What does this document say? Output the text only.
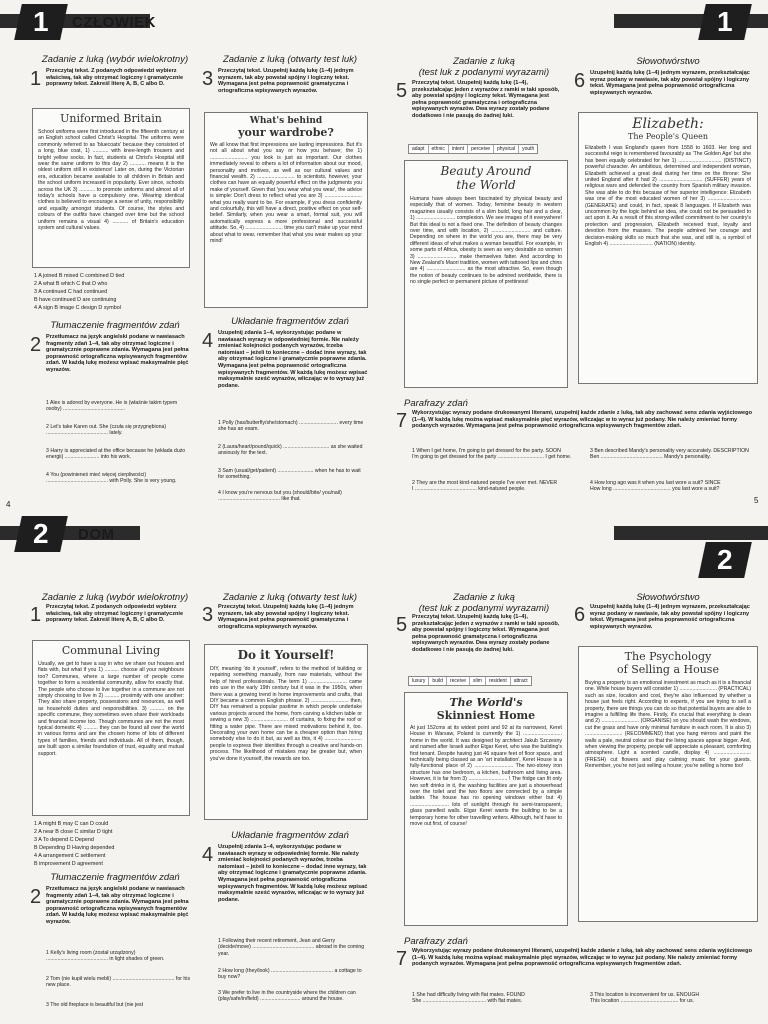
1 CZŁOWIEK
Zadanie z luką (wybór wielokrotny)
1 Przeczytaj tekst. Z podanych odpowiedzi wybierz właściwą, tak aby otrzymać logiczny i gramatycznie poprawny tekst. Zakreśl literę A, B, C albo D.
Uniformed Britain
School uniforms were first introduced in the fifteenth century at an English school called Christ's Hospital. The uniforms were commonly referred to as 'bluecoats' because they consisted of a long, blue coat, 1) ........... with knee-length trousers and bright yellow socks. In fact, students at Christ's Hospital still wear the same uniform to this day 2) ........... means it is the oldest uniform still in existence! Later on, during the Victorian era, education became available to all children in Britain and the school uniform increased in popularity. Ever since, schools across the UK 3) ........... to promote uniforms and almost all of today's schools have a compulsory one. Wearing identical clothes is believed to encourage a sense of unity, responsibility and equality amongst students. Of course, the styles and colours of the outfits have changed over time but the school uniform remains a visual 4) ........... of Britain's education system and cultural values.
1 A joined B mixed C combined D tied
2 A what B which C that D who
3 A continued C had continued
B have continued D are continuing
4 A sign B image C design D symbol
Tłumaczenie fragmentów zdań
2 Przetłumacz na język angielski podane w nawiasach fragmenty zdań 1–4, tak aby otrzymać logiczne i gramatycznie poprawne zdania. Wymagana jest pełna poprawność ortograficzna wpisywanych fragmentów zdań. W każdą lukę możesz wpisać maksymalnie pięć wyrazów.
1 Alex is adored by everyone. He is (właśnie takim typem osoby) ...........................................
2 Let's take Karen out. She (czuła się przygnębiona) ........................................... lately.
3 Harry is appreciated at the office because he (wkłada dużo energii) ........................ into his work.
4 You (powinieneś mieć więcej cierpliwości) ........................................... with Polly. She is very young.
Zadanie z luką (otwarty test luk)
3 Przeczytaj tekst. Uzupełnij każdą lukę (1–4) jednym wyrazem, tak aby powstał spójny i logiczny tekst. Wymagana jest pełna poprawność gramatyczna i ortograficzna wpisywanych wyrazów.
What's behind
your wardrobe?
We all know that first impressions are lasting impressions. But it's not all about what you say or how you behave; the 1) .......................... you look is just as important. Our clothes immediately reveal to others a lot of information about our mood, personality and motives, as well as our cultural values and financial wealth. 2) .......................... to scientists, however, your clothes can have an equally powerful effect on the judgments you make of yourself. Given that 'you wear what you wear', the advice is simple: Don't dress to reflect what you are 3) .......................... what you really want to be. For example, if you dress confidently and colourfully, this will have a direct, positive effect on your self-belief. Similarly, when you wear a smart, formal suit, you will automatically express a more professional and successful attitude. So, 4) .......................... time you can't make up your mind about what to wear, remember that what you wear makes up your mind!
Układanie fragmentów zdań
4 Uzupełnij zdania 1–4, wykorzystując podane w nawiasach wyrazy w odpowiedniej formie. Nie należy zmieniać kolejności podanych wyrazów, trzeba natomiast – jeżeli to konieczne – dodać inne wyrazy, tak aby otrzymać logiczne i gramatycznie poprawne zdania. Wymagana jest pełna poprawność ortograficzna wpisywanych fragmentów. W każdą lukę możesz wpisać maksymalnie sześć wyrazów, wliczając w to wyrazy już podane.
1 Polly (has/butterfly/she/stomach) ........................... every time she has an exam.
2 (Laura/heart/pound/quick) ................................ as she waited anxiously for the text.
3 Sam (usual/get/patient) ......................... when he has to wait for something.
4 I know you're nervous but you (should/bite/ you/nail) ........................................... like that.
4
1
Zadanie z luką
(test luk z podanymi wyrazami)
5 Przeczytaj tekst. Uzupełnij każdą lukę (1–4), przekształcając jeden z wyrazów z ramki w taki sposób, aby powstał spójny i logiczny tekst. Wymagana jest pełna poprawność gramatyczna i ortograficzna wpisywanych wyrazów. Dwa wyrazy zostały podane dodatkowo i nie pasują do żadnej luki.
adapt	ethnic	intent	perceive	physical	youth
Beauty Around
the World
Humans have always been fascinated by physical beauty and especially that of women. Today, feminine beauty in western magazines usually consists of a slim build, long hair and a clear, 1) ........................... complexion. We see images of it everywhere! But this ideal is not a fixed one. The definition of beauty changes over time, and with location, 2) ........................... and culture. Depending on where in the world you are, there may be very different ideas of what makes a woman beautiful. For example, in some parts of Africa, obesity is seen as very desirable so women 3) ........................... make themselves fatter. And according to New Zealand's Maori tradition, women with tattooed lips and chins are 4) ........................... as the most attractive. So, even though the notion of beauty continues to be admired worldwide, there is no single perfect or permanent picture of prettiness!
Słowotwórstwo
6 Uzupełnij każdą lukę (1–4) jednym wyrazem, przekształcając wyraz podany w nawiasie, tak aby powstał spójny i logiczny tekst. Wymagana jest pełna poprawność ortograficzna wpisywanych wyrazów.
Elizabeth:
The People's Queen
Elizabeth I was England's queen from 1558 to 1603. Her long and successful reign is remembered favourably as 'The Golden Age' but she has been equally celebrated for her 1) .............................. (DISTINCT) powerful character. An ambitious, determined and independent woman, Elizabeth achieved a great deal during her time on the throne: She united England after it had 2) .............................. (SUFFER) years of religious wars and defended the country from Spanish military invasion. She was able to do this because of her superior intelligence: Elizabeth was one of the most educated women of her 3) .............................. (GENERATE) and could, in fact, speak 8 languages. If Elizabeth was uncommon by the logic behind an idea, she could not be persuaded to act upon it. As a result of this strong-willed commitment to her country's protection and progression, Elizabeth received trust, loyalty and devotion from the masses. The people admired her courage and decision-making skills so much that she was, and still is, a symbol of English 4) .............................. (NATION) identity.
Parafrazy zdań
7 Wykorzystując wyrazy podane drukowanymi literami, uzupełnij każde zdanie z luką, tak aby zachować sens zdania wyjściowego (1–4). W każdą lukę można wpisać maksymalnie pięć wyrazów, wliczając w to wyraz już podany. Nie należy zmieniać formy podanych wyrazów. Wymagana jest pełna poprawność ortograficzna wpisywanych fragmentów zdań.
1 When I get home, I'm going to get dressed for the party. SOON
I'm going to get dressed for the party ................................ I get home.
2 They are the most kind-natured people I've ever met. NEVER
I ........................................... kind-natured people.
3 Ben described Mandy's personality very accurately. DESCRIPTION
Ben ........................................... Mandy's personality.
4 How long ago was it when you last wore a suit? SINCE
How long ........................................ you last wore a suit?
5
2 DOM
Zadanie z luką (wybór wielokrotny)
1 Przeczytaj tekst. Z podanych odpowiedzi wybierz właściwą, tak aby otrzymać logiczny i gramatycznie poprawny tekst. Zakreśl literę A, B, C albo D.
Communal Living
Usually, we get to have a say in who we share our houses and flats with, but what if you 1) .......... choose all your neighbours too? Communes, where a large number of people come together to form a residential community, allow for exactly that. The people who choose to live together in a commune are not simply choosing to live in 2) .......... proximity with one another: They also share property, possessions and resources, as well as household duties and responsibilities. 3) .......... on the specific commune, they sometimes even share their workloads and financial income too. Though communes are not the most typical domestic 4) .......... they can be found all over the world in various forms and are the chosen home of lots of different types of families, friends and individuals. All of them, though, are built upon a similar foundation of trust, equality and mutual support.
1 A might B may C can D could
2 A near B close C similar D tight
3 A To depend C Depend
B Depending D Having depended
4 A arrangement C settlement
B improvement D agreement
Tłumaczenie fragmentów zdań
2 Przetłumacz na język angielski podane w nawiasach fragmenty zdań 1–4, tak aby otrzymać logiczne i gramatycznie poprawne zdania. Wymagana jest pełna poprawność ortograficzna wpisywanych fragmentów zdań. W każdą lukę możesz wpisać maksymalnie pięć wyrazów.
1 Kelly's living room (został urządzony) ........................................... in light shades of green.
2 Tom (nie kupił wielu mebli) ........................................... for his new place.
3 The old fireplace is beautiful but (nie jest
Zadanie z luką (otwarty test luk)
3 Przeczytaj tekst. Uzupełnij każdą lukę (1–4) jednym wyrazem, tak aby powstał spójny i logiczny tekst. Wymagana jest pełna poprawność gramatyczna i ortograficzna wpisywanych wyrazów.
Do it Yourself!
DIY, meaning 'do it yourself', refers to the method of building or repairing something manually, from raw materials, without the help of hired professionals. The term 1) .......................... came into use in the early 19th century but it was in the 1950s, when there was a growing trend in home improvements and crafts, that DIY became a common English phrase. 2) .......................... then, DIY has remained a popular pastime in which people undertake various projects around the home, from carving a kitchen table or sewing a new 3) .......................... of curtains, to fixing the roof or fitting a water pipe. There are mixed motivations behind it, too. Decorating your own home can be a cheaper option than hiring somebody else to do it but, as well as this, it 4) .......................... people to express their identities through a creative and hands-on process. The likelihood of mistakes may be greater but, when you've done it yourself, the rewards are too.
Układanie fragmentów zdań
4 Uzupełnij zdania 1–4, wykorzystując podane w nawiasach wyrazy w odpowiedniej formie. Nie należy zmieniać kolejności podanych wyrazów, trzeba natomiast – jeżeli to konieczne – dodać inne wyrazy, tak aby otrzymać logiczne i gramatycznie poprawne zdania. Wymagana jest pełna poprawność ortograficzna wpisywanych fragmentów. W każdą lukę możesz wpisać maksymalnie sześć wyrazów, wliczając w to wyrazy już podane.
1 Following their recent retirement, Jean and Gerry (decide/move) ........................................... abroad in the coming year.
2 How long (they/look) ........................................... a cottage to buy now?
3 We prefer to live in the countryside where the children can (play/safe/in/field) ............................ around the house.
2
Zadanie z luką
(test luk z podanymi wyrazami)
5 Przeczytaj tekst. Uzupełnij każdą lukę (1–4), przekształcając jeden z wyrazów z ramki w taki sposób, aby powstał spójny i logiczny tekst. Wymagana jest pełna poprawność gramatyczna i ortograficzna wpisywanych wyrazów. Dwa wyrazy zostały podane dodatkowo i nie pasują do żadnej luki.
luxury	build	receive	slim	resident	attract
The World's
Skinniest Home
At just 152cms at its widest point and 92 at its narrowest, Keret House in Warsaw, Poland is currently the 1) ........................... home in the world. It was designed by architect Jakub Szczesny and named after Israeli author Etgar Keret, who was the building's first tenant. Despite having just 46 square feet of floor space, and technically being classed as an 'art installation', Keret House is a fully-functional place of 2) ........................... The two-storey iron structure has one bedroom, a kitchen, bathroom and living area. However, it is far from 3) ........................... ! The fridge can fit only two soft drinks in it, the washing facilities are just a showerhead over the toilet and the two floors are connected by a simple ladder. The house has no opening windows either but 4) ........................... lots of sunlight through its semi-transparent, glass panelled walls. Etgar Keret wants the building to be a temporary home for other travelling writers. Although, he'd have to move out first, of course!
Słowotwórstwo
6 Uzupełnij każdą lukę (1–4) jednym wyrazem, przekształcając wyraz podany w nawiasie, tak aby powstał spójny i logiczny tekst. Wymagana jest pełna poprawność ortograficzna wpisywanych wyrazów.
The Psychology
of Selling a House
Buying a property is an emotional investment as much as it is a financial one. While house buyers will consider 1) .......................... (PRACTICAL) such as size, location and cost, they're also influenced by whether a house just feels right. According to experts, if you are trying to sell a property, there are things you can do so that potential buyers are able to imagine a fulfilling life there. Firstly, it's crucial that everything is clean and 2) .......................... (ORGANISE) so you should wash the windows, cut the grass and have only minimal furniture in each room. It is also 3) .......................... (RECOMMEND) that you hang mirrors and paint the walls a pale, neutral colour so that the living spaces appear bigger. And, when viewing the property, people will appreciate a pleasant, comforting atmosphere. Light a scented candle, display 4) .......................... (FRESH) cut flowers and play calming music for your guests. Remember, you're not just selling a house; you're selling a home too!
Parafrazy zdań
7 Wykorzystując wyrazy podane drukowanymi literami, uzupełnij każde zdanie z luką, tak aby zachować sens zdania wyjściowego (1–4). W każdą lukę można wpisać maksymalnie pięć wyrazów, wliczając w to wyraz już podany. Nie należy zmieniać formy podanych wyrazów. Wymagana jest pełna poprawność ortograficzna wpisywanych fragmentów zdań.
1 She had difficulty living with flat mates. FOUND
She ............................................ with flat mates.
3 This location is inconvenient for us. ENOUGH
This location ........................................ for us.
